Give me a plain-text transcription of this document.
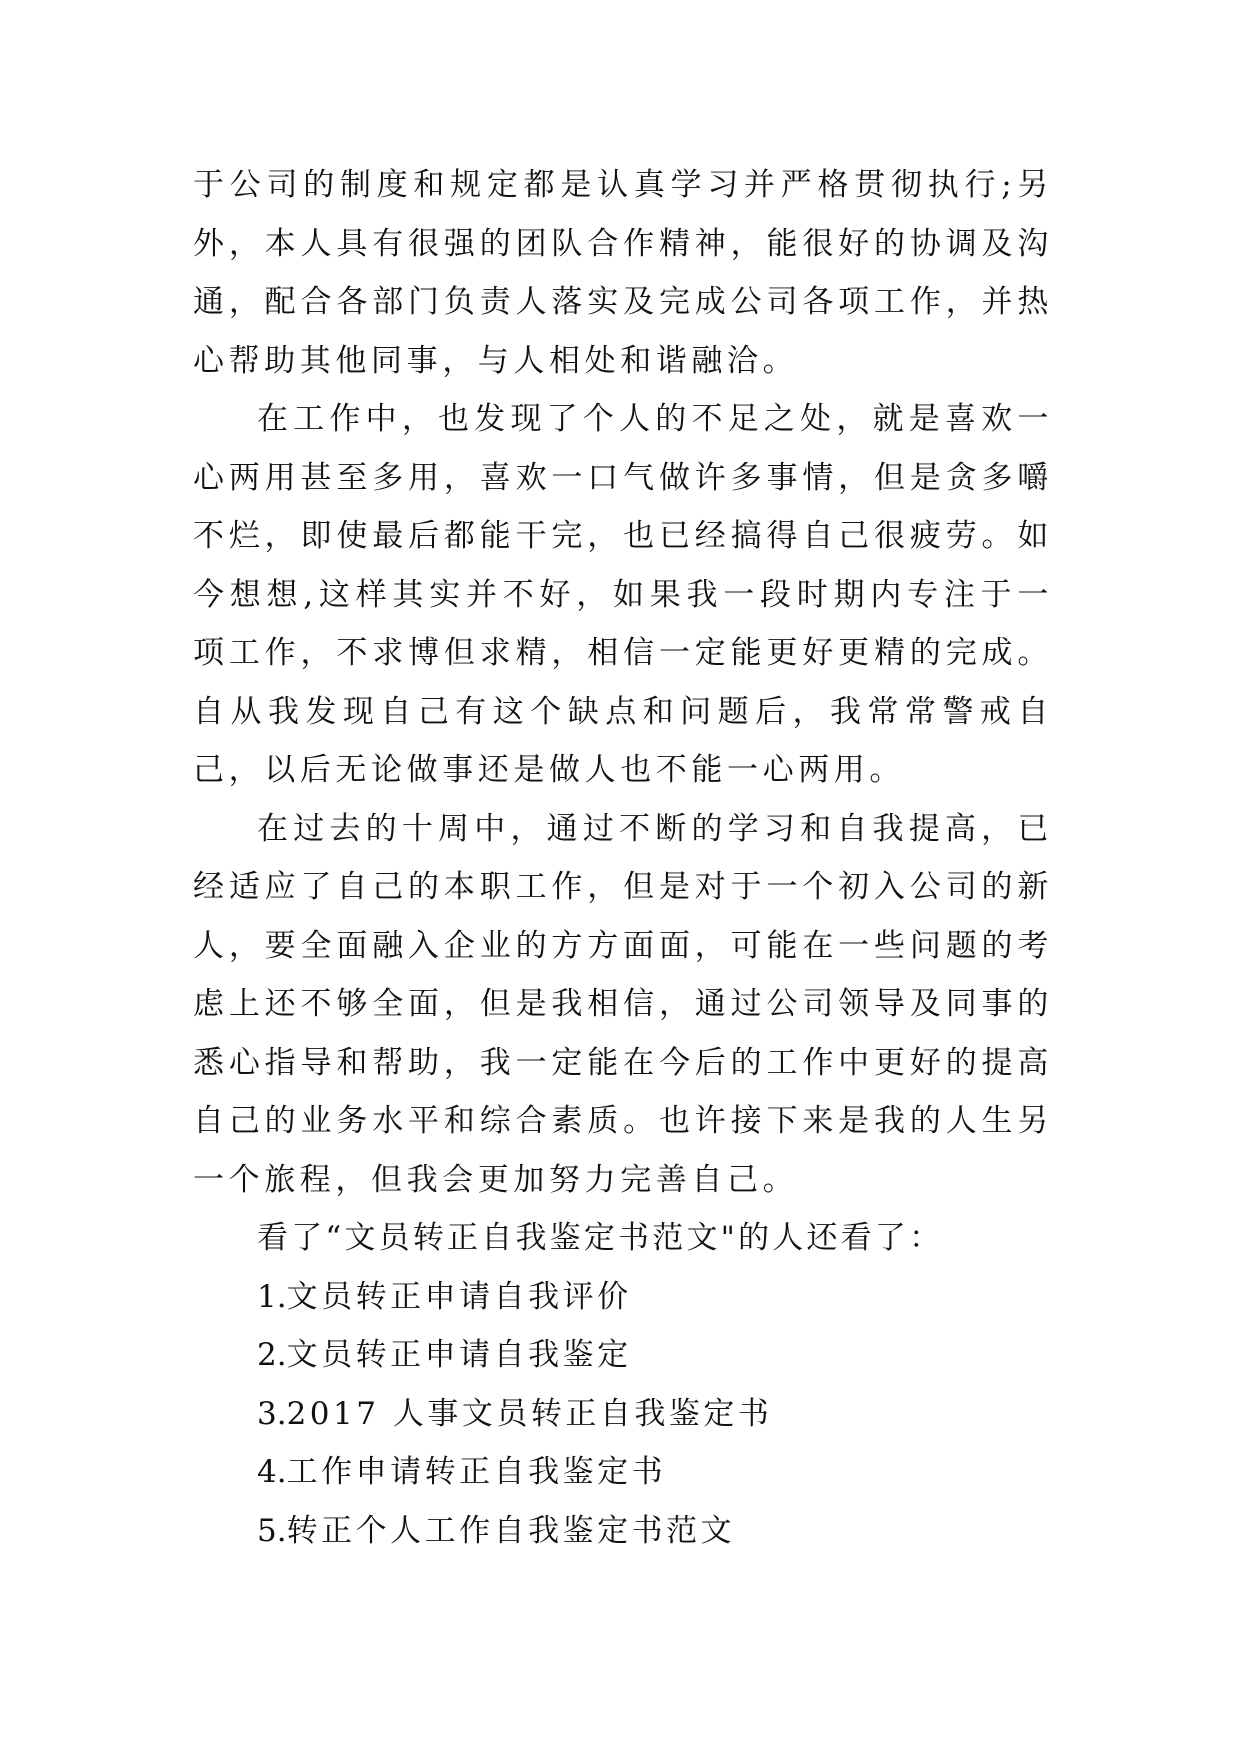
于公司的制度和规定都是认真学习并严格贯彻执行;另外，本人具有很强的团队合作精神，能很好的协调及沟通，配合各部门负责人落实及完成公司各项工作，并热心帮助其他同事，与人相处和谐融洽。

在工作中，也发现了个人的不足之处，就是喜欢一心两用甚至多用，喜欢一口气做许多事情，但是贪多嚼不烂，即使最后都能干完，也已经搞得自己很疲劳。如今想想,这样其实并不好，如果我一段时期内专注于一项工作，不求博但求精，相信一定能更好更精的完成。自从我发现自己有这个缺点和问题后，我常常警戒自己，以后无论做事还是做人也不能一心两用。

在过去的十周中，通过不断的学习和自我提高，已经适应了自己的本职工作，但是对于一个初入公司的新人，要全面融入企业的方方面面，可能在一些问题的考虑上还不够全面，但是我相信，通过公司领导及同事的悉心指导和帮助，我一定能在今后的工作中更好的提高自己的业务水平和综合素质。也许接下来是我的人生另一个旅程，但我会更加努力完善自己。

看了“文员转正自我鉴定书范文"的人还看了：

1.文员转正申请自我评价
2.文员转正申请自我鉴定
3.2017 人事文员转正自我鉴定书
4.工作申请转正自我鉴定书
5.转正个人工作自我鉴定书范文
